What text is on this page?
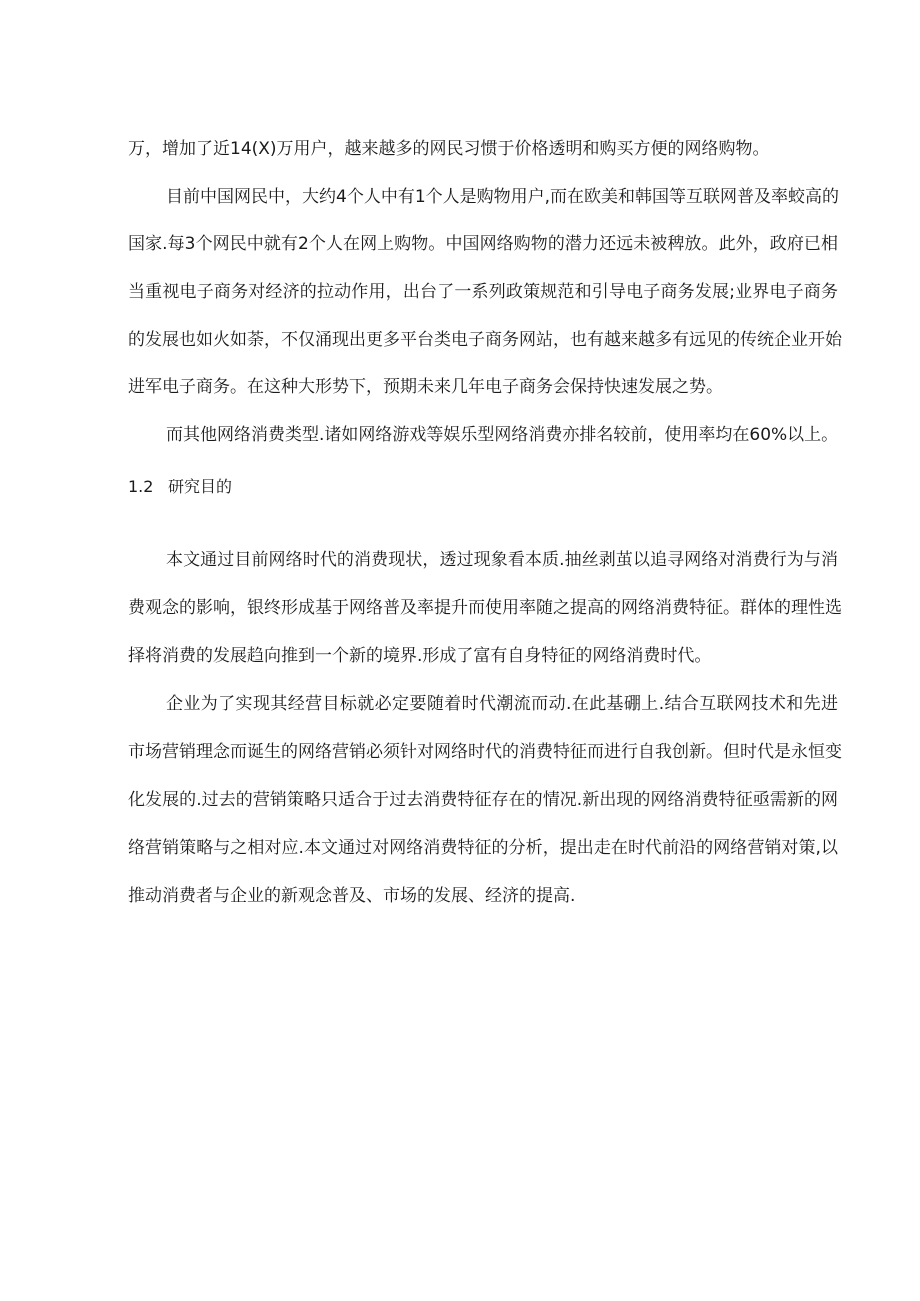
万，增加了近14(X)万用户，越来越多的网民习惯于价格透明和购买方便的网络购物。

目前中国网民中，大约4个人中有1个人是购物用户,而在欧美和韩国等互联网普及率蛟高的

国家.每3个网民中就有2个人在网上购物。中国网络购物的潜力还远未被稗放。此外，政府已相

当重视电子商务对经济的拉动作用，出台了一系列政策规范和引导电子商务发展;业界电子商务

的发展也如火如荼，不仅涌现出更多平台类电子商务网站，也有越来越多有远见的传统企业开始

进军电子商务。在这种大形势下，预期未来几年电子商务会保持快速发展之势。

而其他网络消费类型.诸如网络游戏等娱乐型网络消费亦排名较前，使用率均在60%以上。

1.2 研究目的

本文通过目前网络时代的消费现状，透过现象看本质.抽丝剥茧以追寻网络对消费行为与消

费观念的影响，银终形成基于网络普及率提升而使用率随之提高的网络消费特征。群体的理性选

择将消费的发展趋向推到一个新的境界.形成了富有自身特征的网络消费时代。

企业为了实现其经营目标就必定要随着时代潮流而动.在此基硼上.结合互联网技术和先进

市场营销理念而诞生的网络营销必须针对网络时代的消费特征而进行自我创新。但时代是永恒变

化发展的.过去的营销策略只适合于过去消费特征存在的情况.新出现的网络消费特征亟需新的网

络营销策略与之相对应.本文通过对网络消费特征的分析，提出走在时代前沿的网络营销对策,以

推动消费者与企业的新观念普及、市场的发展、经济的提高.
